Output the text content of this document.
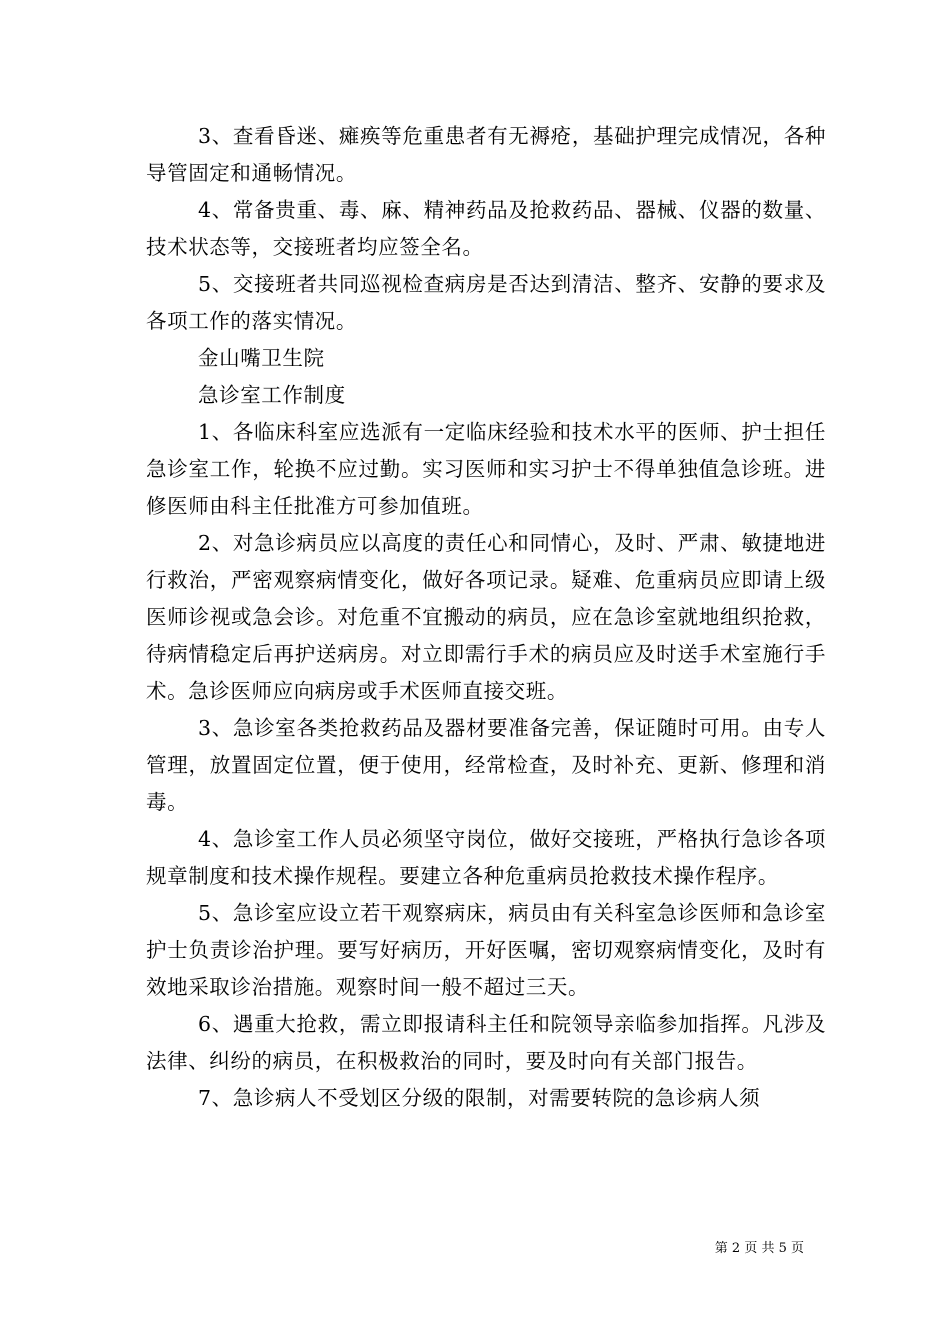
3、查看昏迷、瘫痪等危重患者有无褥疮，基础护理完成情况，各种导管固定和通畅情况。

4、常备贵重、毒、麻、精神药品及抢救药品、器械、仪器的数量、技术状态等，交接班者均应签全名。

5、交接班者共同巡视检查病房是否达到清洁、整齐、安静的要求及各项工作的落实情况。

金山嘴卫生院

急诊室工作制度

1、各临床科室应选派有一定临床经验和技术水平的医师、护士担任急诊室工作，轮换不应过勤。实习医师和实习护士不得单独值急诊班。进修医师由科主任批准方可参加值班。

2、对急诊病员应以高度的责任心和同情心，及时、严肃、敏捷地进行救治，严密观察病情变化，做好各项记录。疑难、危重病员应即请上级医师诊视或急会诊。对危重不宜搬动的病员，应在急诊室就地组织抢救，待病情稳定后再护送病房。对立即需行手术的病员应及时送手术室施行手术。急诊医师应向病房或手术医师直接交班。

3、急诊室各类抢救药品及器材要准备完善，保证随时可用。由专人管理，放置固定位置，便于使用，经常检查，及时补充、更新、修理和消毒。

4、急诊室工作人员必须坚守岗位，做好交接班，严格执行急诊各项规章制度和技术操作规程。要建立各种危重病员抢救技术操作程序。

5、急诊室应设立若干观察病床，病员由有关科室急诊医师和急诊室护士负责诊治护理。要写好病历，开好医嘱，密切观察病情变化，及时有效地采取诊治措施。观察时间一般不超过三天。

6、遇重大抢救，需立即报请科主任和院领导亲临参加指挥。凡涉及法律、纠纷的病员，在积极救治的同时，要及时向有关部门报告。

7、急诊病人不受划区分级的限制，对需要转院的急诊病人须

第 2 页 共 5 页
